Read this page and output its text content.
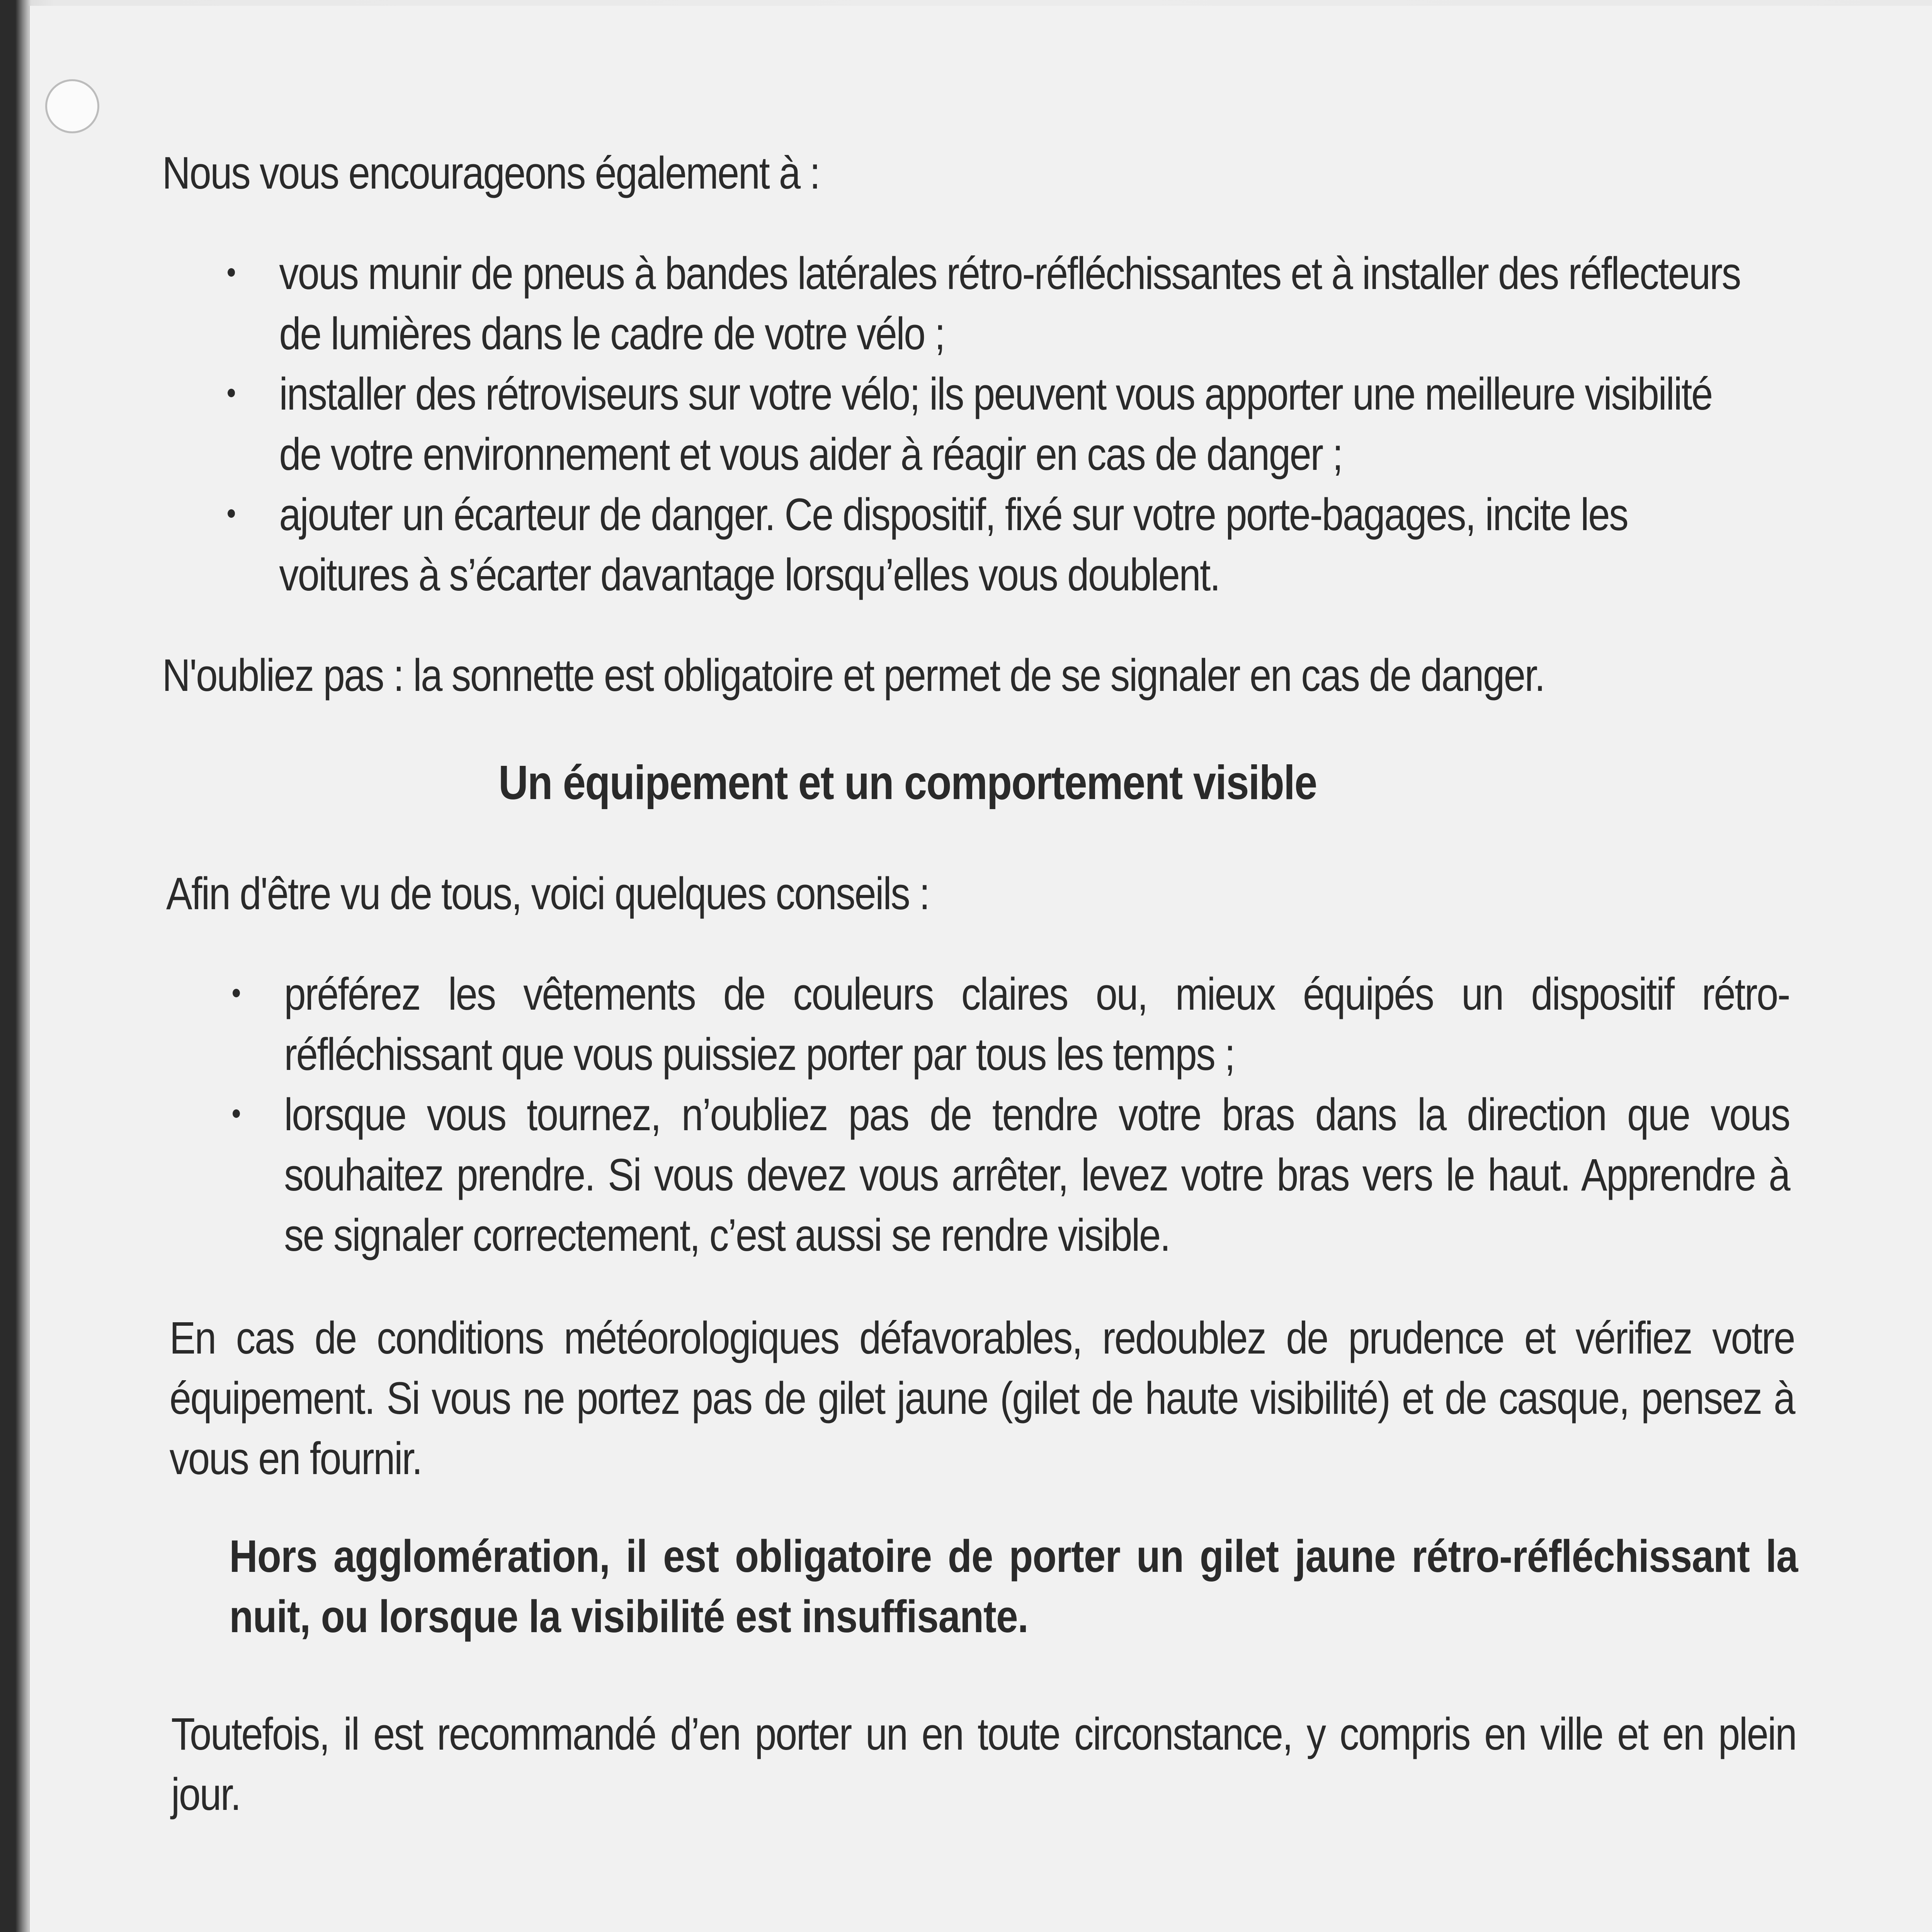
Nous vous encourageons également à :

vous munir de pneus à bandes latérales rétro-réfléchissantes et à installer des réflecteurs de lumières dans le cadre de votre vélo ;
installer des rétroviseurs sur votre vélo; ils peuvent vous apporter une meilleure visibilité de votre environnement et vous aider à réagir en cas de danger ;
ajouter un écarteur de danger. Ce dispositif, fixé sur votre porte-bagages, incite les voitures à s’écarter davantage lorsqu’elles vous doublent.

N'oubliez pas : la sonnette est obligatoire et permet de se signaler en cas de danger.

Un équipement et un comportement visible

Afin d'être vu de tous, voici quelques conseils :

préférez les vêtements de couleurs claires ou, mieux équipés un dispositif rétro-réfléchissant que vous puissiez porter par tous les temps ;
lorsque vous tournez, n’oubliez pas de tendre votre bras dans la direction que vous souhaitez prendre. Si vous devez vous arrêter, levez votre bras vers le haut. Apprendre à se signaler correctement, c’est aussi se rendre visible.

En cas de conditions météorologiques défavorables, redoublez de prudence et vérifiez votre équipement. Si vous ne portez pas de gilet jaune (gilet de haute visibilité) et de casque, pensez à vous en fournir.

Hors agglomération, il est obligatoire de porter un gilet jaune rétro-réfléchissant la nuit, ou lorsque la visibilité est insuffisante.

Toutefois, il est recommandé d’en porter un en toute circonstance, y compris en ville et en plein jour.
